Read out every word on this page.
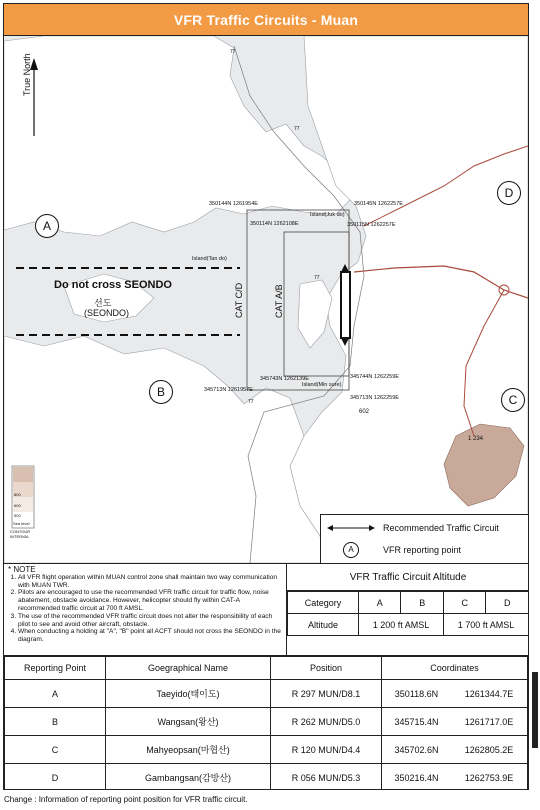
VFR Traffic Circuits - Muan
True North
Do not cross SEONDO
선도
(SEONDO)	CAT C/D	CAT A/B
350144N 1261954E
350114N 1262108E
350145N 1262257E
350115N 1262257E
345743N 1262139E	345744N 1262259E
345713N 1261957E
345713N 1262259E
Island(Juk do)
Island(Tan do)
Island(Min sure)
602
1 234
77
77
77
77
A
B
C
D
800
600
500
Sea level
CONTOUR INTERVAL
Recommended Traffic Circuit
A	VFR reporting point
* NOTE
1. All VFR flight operation within MUAN control zone shall maintain two way communication with MUAN TWR.
2. Pilots are encouraged to use the recommended VFR traffic circuit for traffic flow, noise abatement, obstacle avoidance. However, helicopter should fly within CAT-A recommended traffic circuit at 700 ft AMSL.
3. The use of the recommended VFR traffic circuit does not alter the responsibility of each pilot to see and avoid other aircraft, obstacle.
4. When conducting a holding at "A", "B" point all ACFT should not cross the SEONDO in the diagram.
VFR Traffic Circuit Altitude
Category	A	B	C	D
Altitude	1 200 ft AMSL		1 700 ft AMSL	
Reporting Point	Goegraphical Name	Position	Coordinates	
A	Taeyido(태이도)	R 297 MUN/D8.1	350118.6N	1261344.7E
B	Wangsan(왕산)	R 262 MUN/D5.0	345715.4N	1261717.0E
C	Mahyeopsan(마협산)	R 120 MUN/D4.4	345702.6N	1262805.2E
D	Gambangsan(감방산)	R 056 MUN/D5.3	350216.4N	1262753.9E
Change : Information of reporting point position for VFR traffic circuit.
